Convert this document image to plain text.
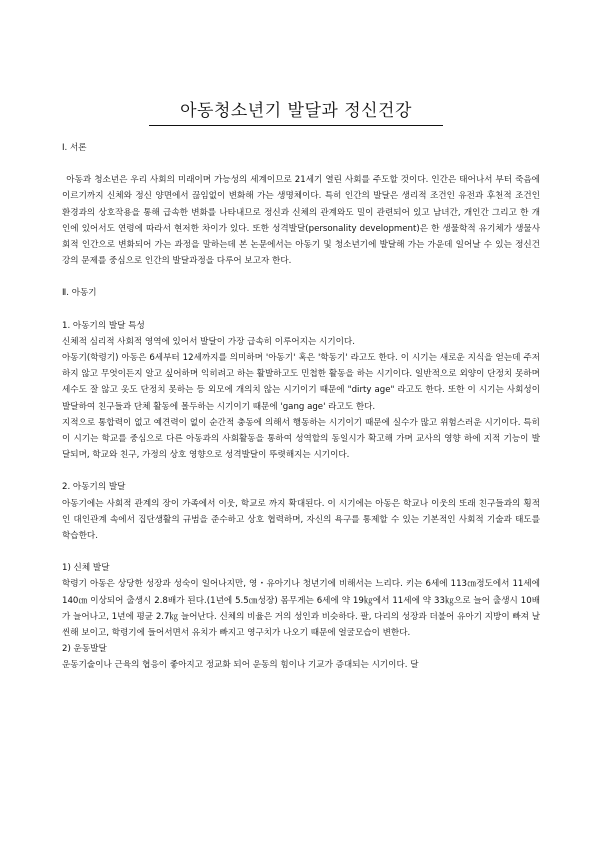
아동청소년기 발달과 정신건강

Ⅰ. 서론

아동과 청소년은 우리 사회의 미래이며 가능성의 세계이므로 21세기 열린 사회를 주도할 것이다. 인간은 태어나서 부터 죽음에 이르기까지 신체와 정신 양면에서 끊임없이 변화해 가는 생명체이다. 특히 인간의 발달은 생리적 조건인 유전과 후천적 조건인 환경과의 상호작용을 통해 급속한 변화를 나타내므로 정신과 신체의 관계와도 밀이 관련되어 있고 남녀간, 개인간 그리고 한 개인에 있어서도 연령에 따라서 현저한 차이가 있다. 또한 성격발달(personality development)은 한 생물학적 유기체가 생물사회적 인간으로 변화되어 가는 과정을 말하는데 본 논문에서는 아동기 및 청소년기에 발달해 가는 가운데 일어날 수 있는 정신건강의 문제를 중심으로 인간의 발달과정을 다루어 보고자 한다.

Ⅱ. 아동기

1. 아동기의 발달 특성

신체적 심리적 사회적 영역에 있어서 발달이 가장 급속히 이루어지는 시기이다.

아동기(학령기) 아동은 6세부터 12세까지를 의미하며 '아동기' 혹은 '학동기' 라고도 한다. 이 시기는 새로운 지식을 얻는데 주저하지 않고 무엇이든지 알고 싶어하며 익히려고 하는 활발하고도 민첩한 활동을 하는 시기이다. 일반적으로 외양이 단정치 못하며 세수도 잘 않고 옷도 단정치 못하는 등 외모에 개의치 않는 시기이기 때문에 "dirty age" 라고도 한다. 또한 이 시기는 사회성이 발달하여 친구들과 단체 활동에 몰두하는 시기이기 때문에 'gang age' 라고도 한다.

지적으로 통합력이 없고 예견력이 없이 순간적 충동에 의해서 행동하는 시기이기 때문에 실수가 많고 위험스러운 시기이다. 특히 이 시기는 학교를 중심으로 다른 아동과의 사회활동을 통하여 성역할의 동일시가 확고해 가며 교사의 영향 하에 지적 기능이 발달되며, 학교와 친구, 가정의 상호 영향으로 성격발달이 뚜렷해지는 시기이다.

2. 아동기의 발달

아동기에는 사회적 관계의 장이 가족에서 이웃, 학교로 까지 확대된다. 이 시기에는 아동은 학교나 이웃의 또래 친구들과의 횡적인 대인관계 속에서 집단생활의 규범을 준수하고 상호 협력하며, 자신의 욕구를 통제할 수 있는 기본적인 사회적 기술과 태도를 학습한다.

1) 신체 발달

학령기 아동은 상당한 성장과 성숙이 일어나지만, 영・유아기나 청년기에 비해서는 느리다. 키는 6세에 113㎝정도에서 11세에 140㎝ 이상되어 출생시 2.8배가 된다.(1년에 5.5㎝성장) 몸무게는 6세에 약 19㎏에서 11세에 약 33㎏으로 늘어 출생시 10배가 늘어나고, 1년에 평균 2.7㎏ 늘어난다. 신체의 비율은 거의 성인과 비슷하다. 팔, 다리의 성장과 더불어 유아기 지방이 빠져 날씬해 보이고, 학령기에 들어서면서 유치가 빠지고 영구치가 나오기 때문에 얼굴모습이 변한다.

2) 운동발달

운동기술이나 근육의 협응이 좋아지고 정교화 되어 운동의 힘이나 기교가 증대되는 시기이다. 달
